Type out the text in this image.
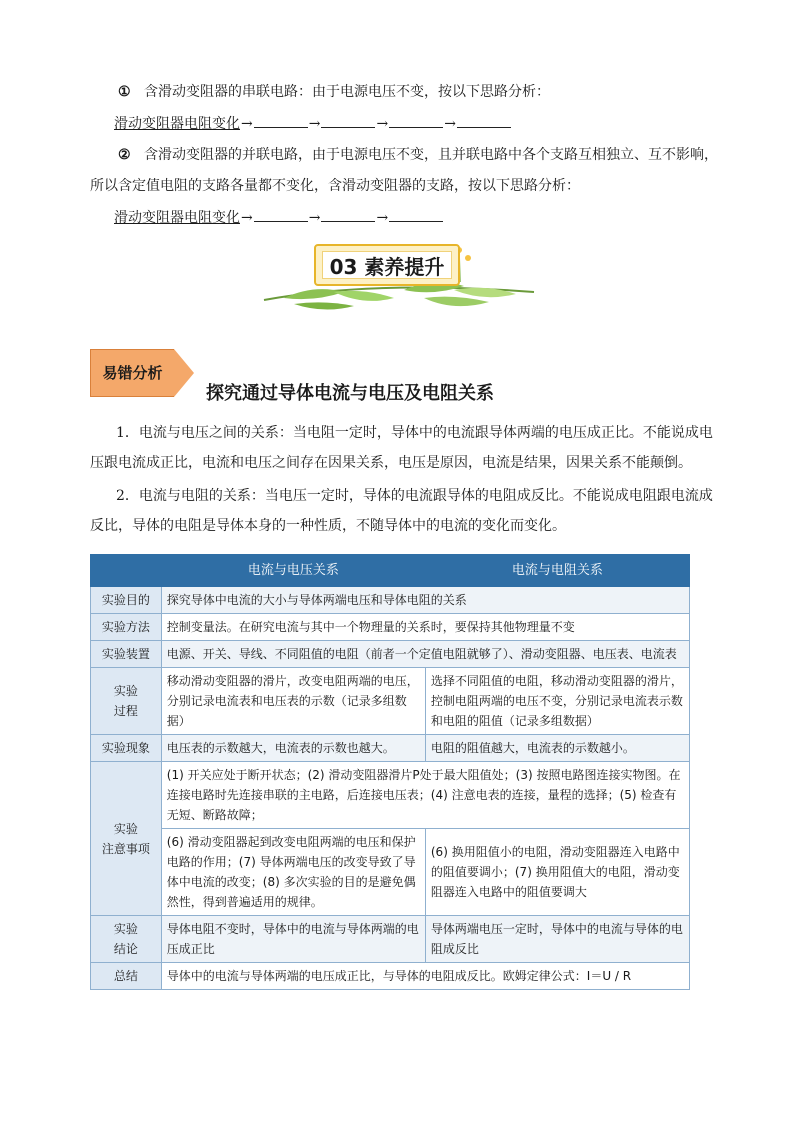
① 含滑动变阻器的串联电路：由于电源电压不变，按以下思路分析：
滑动变阻器电阻变化→	→	→	→
② 含滑动变阻器的并联电路，由于电源电压不变，且并联电路中各个支路互相独立、互不影响，
所以含定值电阻的支路各量都不变化，含滑动变阻器的支路，按以下思路分析：
滑动变阻器电阻变化→	→	→
03 素养提升
易错分析
探究通过导体电流与电压及电阻关系
1．电流与电压之间的关系：当电阻一定时，导体中的电流跟导体两端的电压成正比。不能说成电
压跟电流成正比，电流和电压之间存在因果关系，电压是原因，电流是结果，因果关系不能颠倒。
2．电流与电阻的关系：当电压一定时，导体的电流跟导体的电阻成反比。不能说成电阻跟电流成
反比，导体的电阻是导体本身的一种性质，不随导体中的电流的变化而变化。
	电流与电压关系	电流与电阻关系
实验目的	探究导体中电流的大小与导体两端电压和导体电阻的关系	
实验方法	控制变量法。在研究电流与其中一个物理量的关系时，要保持其他物理量不变	
实验装置	电源、开关、导线、不同阻值的电阻（前者一个定值电阻就够了）、滑动变阻器、电压表、电流表	

实验
过程	移动滑动变阻器的滑片，改变电阻两端的电压，分别记录电流表和电压表的示数（记录多组数据）	选择不同阻值的电阻，移动滑动变阻器的滑片，控制电阻两端的电压不变，分别记录电流表示数和电阻的阻值（记录多组数据）
实验现象	电压表的示数越大，电流表的示数也越大。	电阻的阻值越大，电流表的示数越小。

实验
注意事项	(1) 开关应处于断开状态；(2) 滑动变阻器滑片P处于最大阻值处；(3) 按照电路图连接实物图。在连接电路时先连接串联的主电路，后连接电压表；(4) 注意电表的连接，量程的选择；(5) 检查有无短、断路故障；	
	(6) 滑动变阻器起到改变电阻两端的电压和保护电路的作用；(7) 导体两端电压的改变导致了导体中电流的改变；(8) 多次实验的目的是避免偶然性，得到普遍适用的规律。	(6) 换用阻值小的电阻，滑动变阻器连入电路中的阻值要调小；(7) 换用阻值大的电阻，滑动变阻器连入电路中的阻值要调大

实验
结论	导体电阻不变时，导体中的电流与导体两端的电压成正比	导体两端电压一定时，导体中的电流与导体的电阻成反比
总结	导体中的电流与导体两端的电压成正比，与导体的电阻成反比。欧姆定律公式：I＝U / R	
